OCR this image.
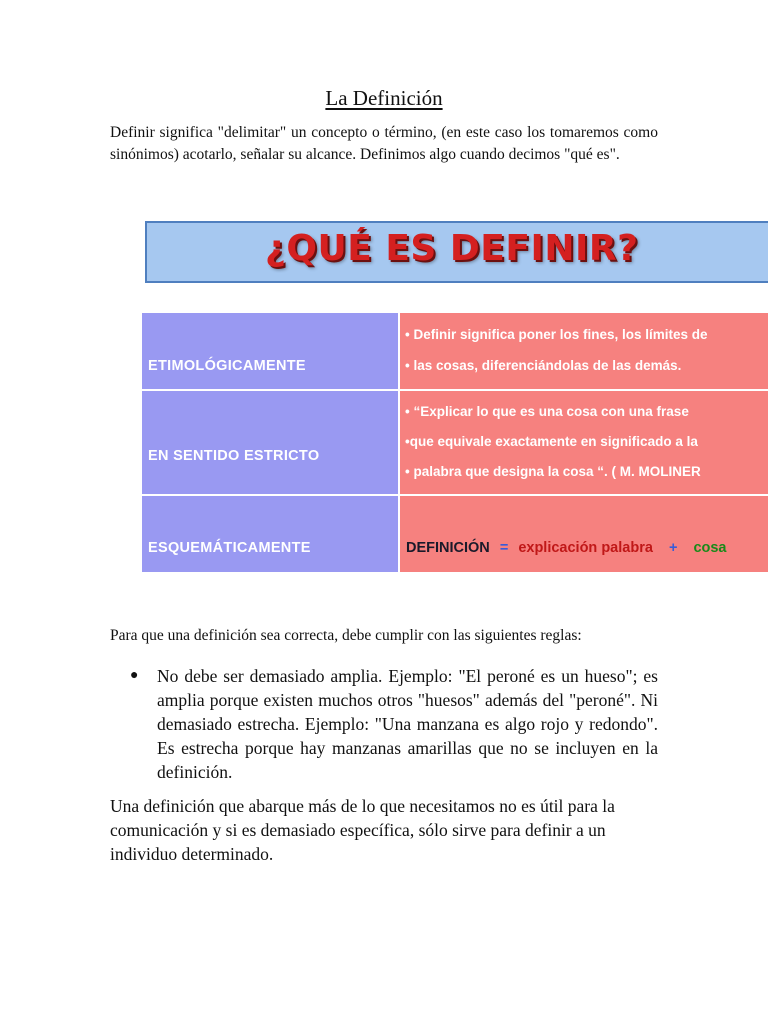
La Definición
Definir significa "delimitar" un concepto o término, (en este caso los tomaremos como sinónimos) acotarlo, señalar su alcance. Definimos algo cuando decimos "qué es".
¿QUÉ ES DEFINIR?
ETIMOLÓGICAMENTE
• Definir significa poner los fines, los límites de
• las cosas, diferenciándolas de las demás.
EN SENTIDO ESTRICTO
• “Explicar lo que es una cosa con una frase
•que equivale exactamente en significado a la
• palabra que designa la cosa “. ( M. MOLINER
ESQUEMÁTICAMENTE	DEFINICIÓN = explicación palabra + cosa
Para que una definición sea correcta, debe cumplir con las siguientes reglas:
● No debe ser demasiado amplia. Ejemplo: "El peroné es un hueso"; es amplia porque existen muchos otros "huesos" además del "peroné". Ni demasiado estrecha. Ejemplo: "Una manzana es algo rojo y redondo". Es estrecha porque hay manzanas amarillas que no se incluyen en la definición.
Una definición que abarque más de lo que necesitamos no es útil para la comunicación y si es demasiado específica, sólo sirve para definir a un individuo determinado.
